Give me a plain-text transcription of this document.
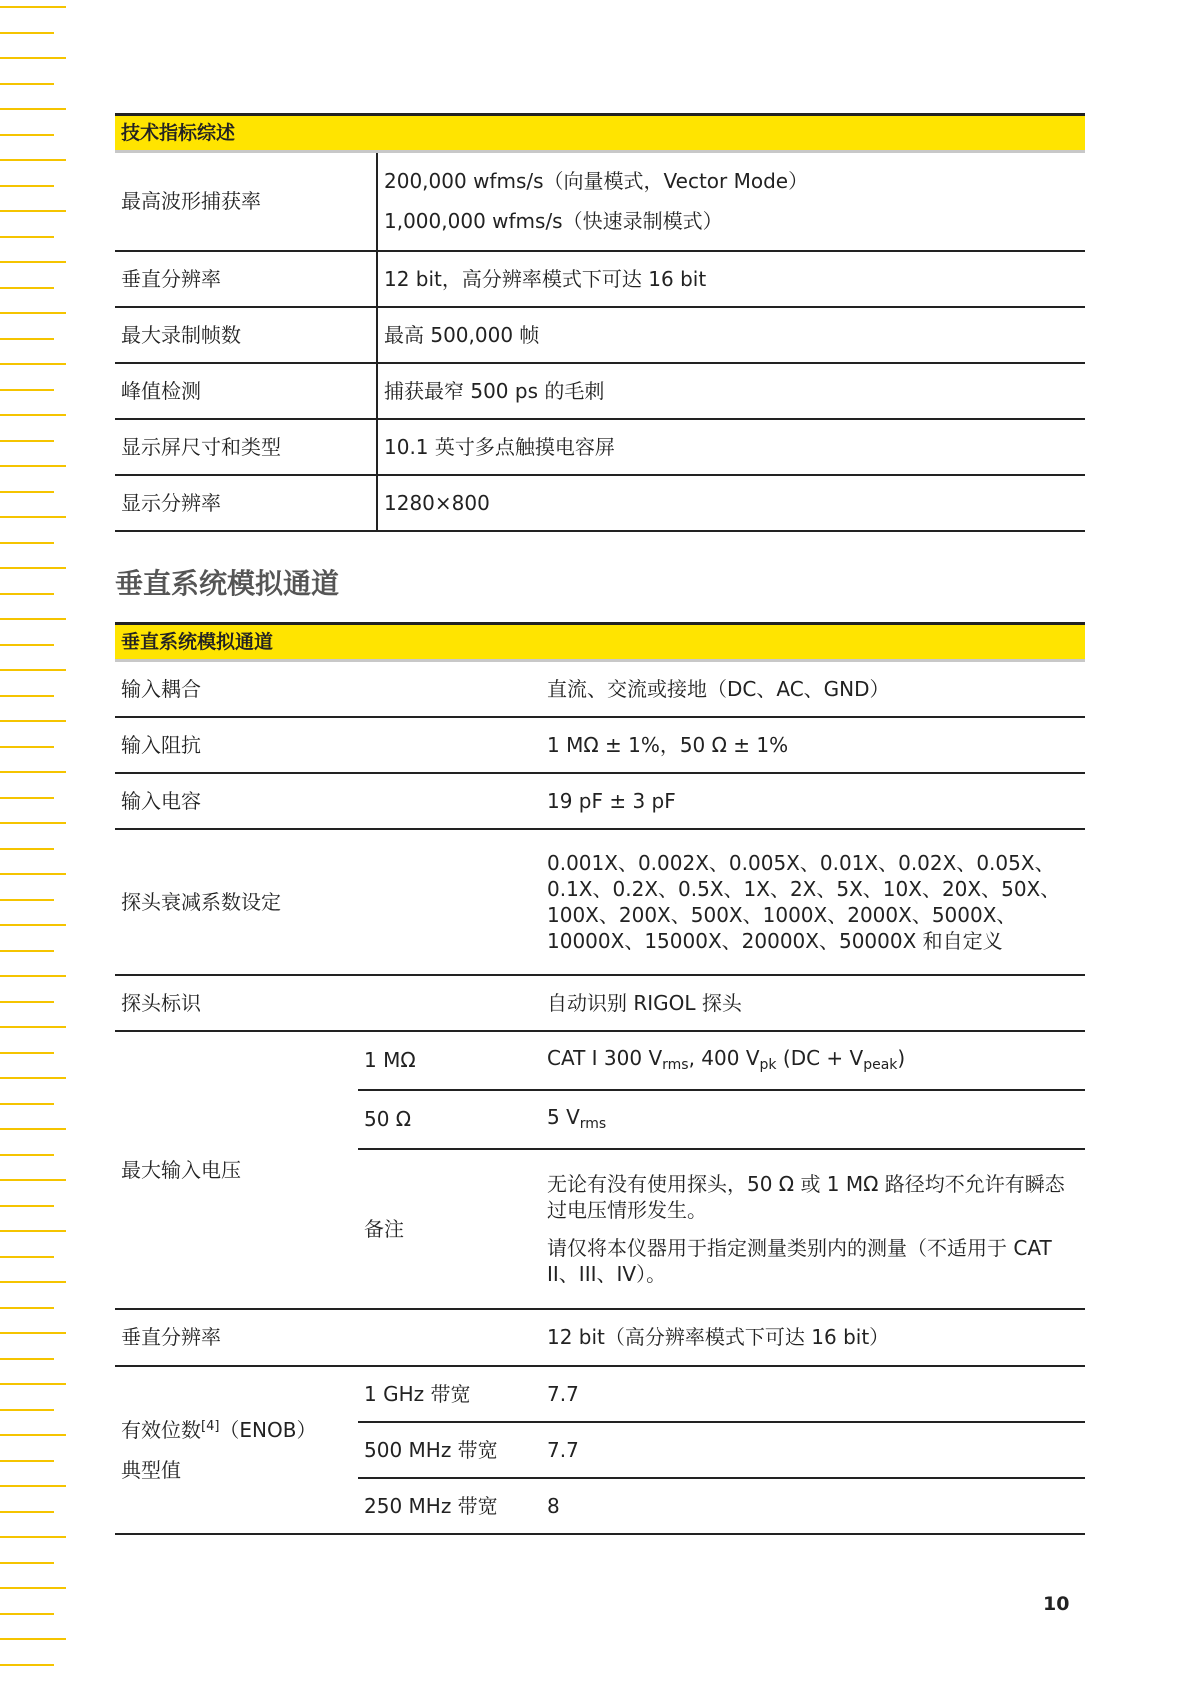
技术指标综述	
最高波形捕获率	200,000 wfms/s（向量模式，Vector Mode）

1,000,000 wfms/s（快速录制模式）

垂直分辨率	12 bit，高分辨率模式下可达 16 bit
最大录制帧数	最高 500,000 帧
峰值检测	捕获最窄 500 ps 的毛刺
显示屏尺寸和类型	10.1 英寸多点触摸电容屏
显示分辨率	1280×800
垂直系统模拟通道
垂直系统模拟通道		
输入耦合		直流、交流或接地（DC、AC、GND）
输入阻抗		1 MΩ ± 1%，50 Ω ± 1%
输入电容		19 pF ± 3 pF
探头衰减系数设定		0.001X、0.002X、0.005X、0.01X、0.02X、0.05X、
0.1X、0.2X、0.5X、1X、2X、5X、10X、20X、50X、
100X、200X、500X、1000X、2000X、5000X、
10000X、15000X、20000X、50000X 和自定义

探头标识		自动识别 RIGOL 探头
最大输入电压	1 MΩ	CAT I 300 $V_{rms}$, 400 $V_{pk}$ $(DC + V_{peak})$
	50 Ω	5 $V_{rms}$
	备注	无论有没有使用探头，50 Ω 或 1 MΩ 路径均不允许有瞬态
过电压情形发生。
请仅将本仪器用于指定测量类别内的测量（不适用于 CAT
II、III、IV）。

垂直分辨率		12 bit（高分辨率模式下可达 16 bit）

有效位数[4]（ENOB）
典型值	1 GHz 带宽	7.7
	500 MHz 带宽	7.7
	250 MHz 带宽	8

10
